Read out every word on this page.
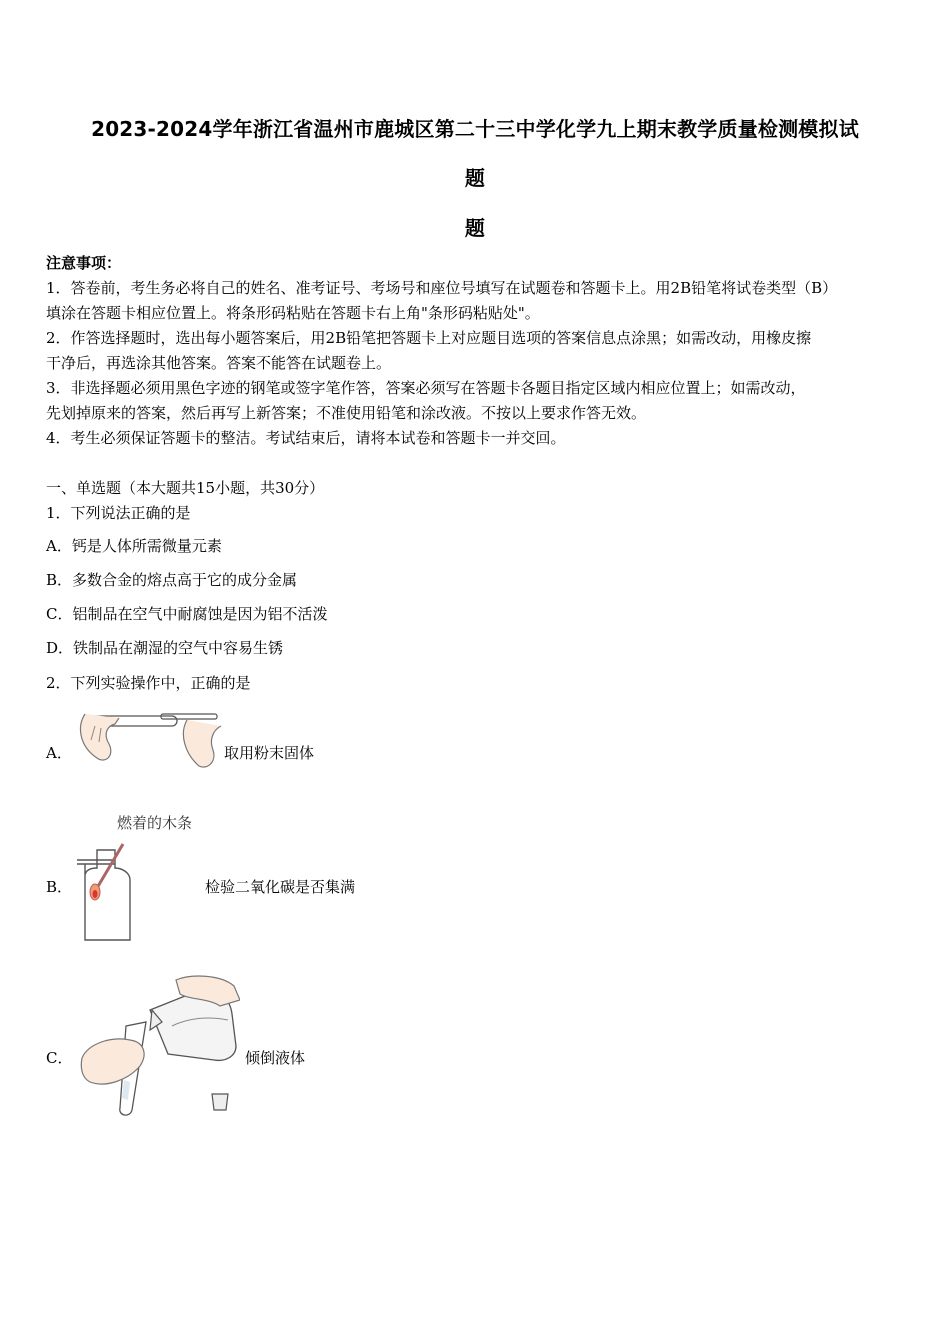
2023-2024学年浙江省温州市鹿城区第二十三中学化学九上期末教学质量检测模拟试
题
题
注意事项：
1．答卷前，考生务必将自己的姓名、准考证号、考场号和座位号填写在试题卷和答题卡上。用2B铅笔将试卷类型（B）
填涂在答题卡相应位置上。将条形码粘贴在答题卡右上角"条形码粘贴处"。
2．作答选择题时，选出每小题答案后，用2B铅笔把答题卡上对应题目选项的答案信息点涂黑；如需改动，用橡皮擦
干净后，再选涂其他答案。答案不能答在试题卷上。
3．非选择题必须用黑色字迹的钢笔或签字笔作答，答案必须写在答题卡各题目指定区域内相应位置上；如需改动，
先划掉原来的答案，然后再写上新答案；不准使用铅笔和涂改液。不按以上要求作答无效。
4．考生必须保证答题卡的整洁。考试结束后，请将本试卷和答题卡一并交回。
一、单选题（本大题共15小题，共30分）
1．下列说法正确的是
A．钙是人体所需微量元素
B．多数合金的熔点高于它的成分金属
C．铝制品在空气中耐腐蚀是因为铝不活泼
D．铁制品在潮湿的空气中容易生锈
2．下列实验操作中，正确的是
A．	取用粉末固体
燃着的木条
B．	检验二氧化碳是否集满
C．	倾倒液体
